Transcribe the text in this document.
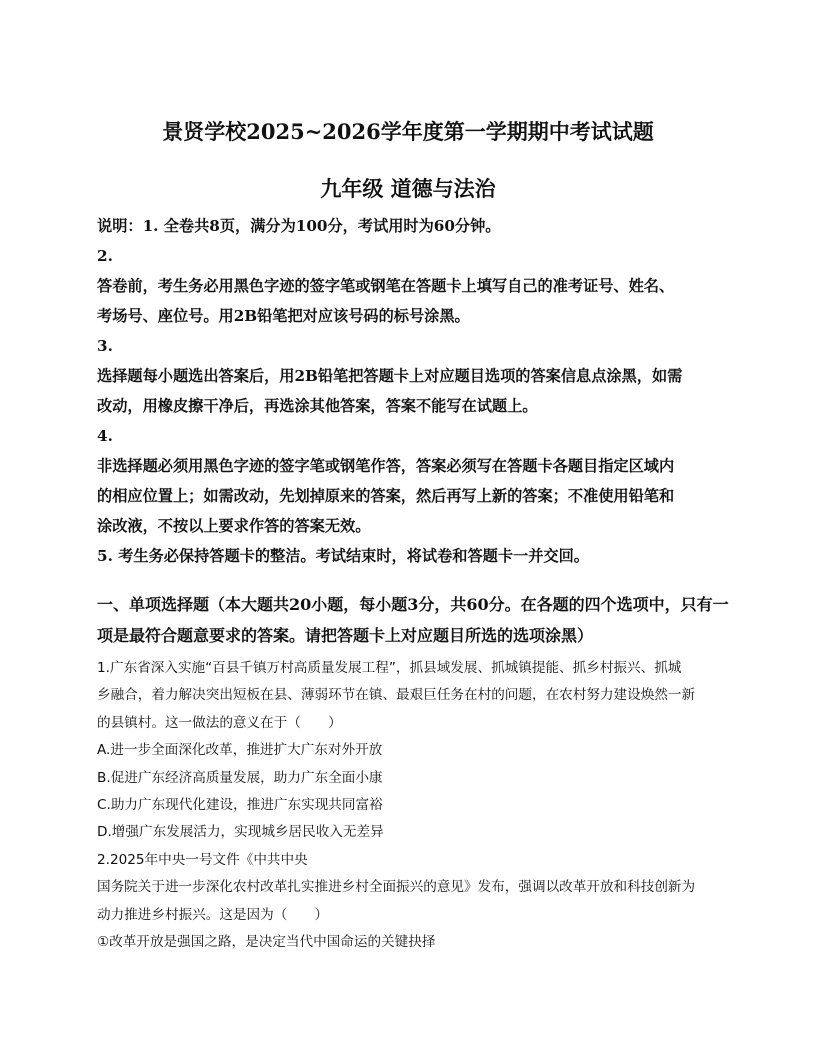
景贤学校2025~2026学年度第一学期期中考试试题
九年级 道德与法治
说明：1. 全卷共8页，满分为100分，考试用时为60分钟。
2.
答卷前，考生务必用黑色字迹的签字笔或钢笔在答题卡上填写自己的准考证号、姓名、
考场号、座位号。用2B铅笔把对应该号码的标号涂黑。
3.
选择题每小题选出答案后，用2B铅笔把答题卡上对应题目选项的答案信息点涂黑，如需
改动，用橡皮擦干净后，再选涂其他答案，答案不能写在试题上。
4.
非选择题必须用黑色字迹的签字笔或钢笔作答，答案必须写在答题卡各题目指定区域内
的相应位置上；如需改动，先划掉原来的答案，然后再写上新的答案；不准使用铅笔和
涂改液，不按以上要求作答的答案无效。
5. 考生务必保持答题卡的整洁。考试结束时，将试卷和答题卡一并交回。
一、单项选择题（本大题共20小题，每小题3分，共60分。在各题的四个选项中，只有一
项是最符合题意要求的答案。请把答题卡上对应题目所选的选项涂黑）
1.广东省深入实施“百县千镇万村高质量发展工程”，抓县域发展、抓城镇提能、抓乡村振兴、抓城
乡融合，着力解决突出短板在县、薄弱环节在镇、最艰巨任务在村的问题，在农村努力建设焕然一新
的县镇村。这一做法的意义在于（　　）
A.进一步全面深化改革，推进扩大广东对外开放
B.促进广东经济高质量发展，助力广东全面小康
C.助力广东现代化建设，推进广东实现共同富裕
D.增强广东发展活力，实现城乡居民收入无差异
2.2025年中央一号文件《中共中央
国务院关于进一步深化农村改革扎实推进乡村全面振兴的意见》发布，强调以改革开放和科技创新为
动力推进乡村振兴。这是因为（　　）
①改革开放是强国之路，是决定当代中国命运的关键抉择
